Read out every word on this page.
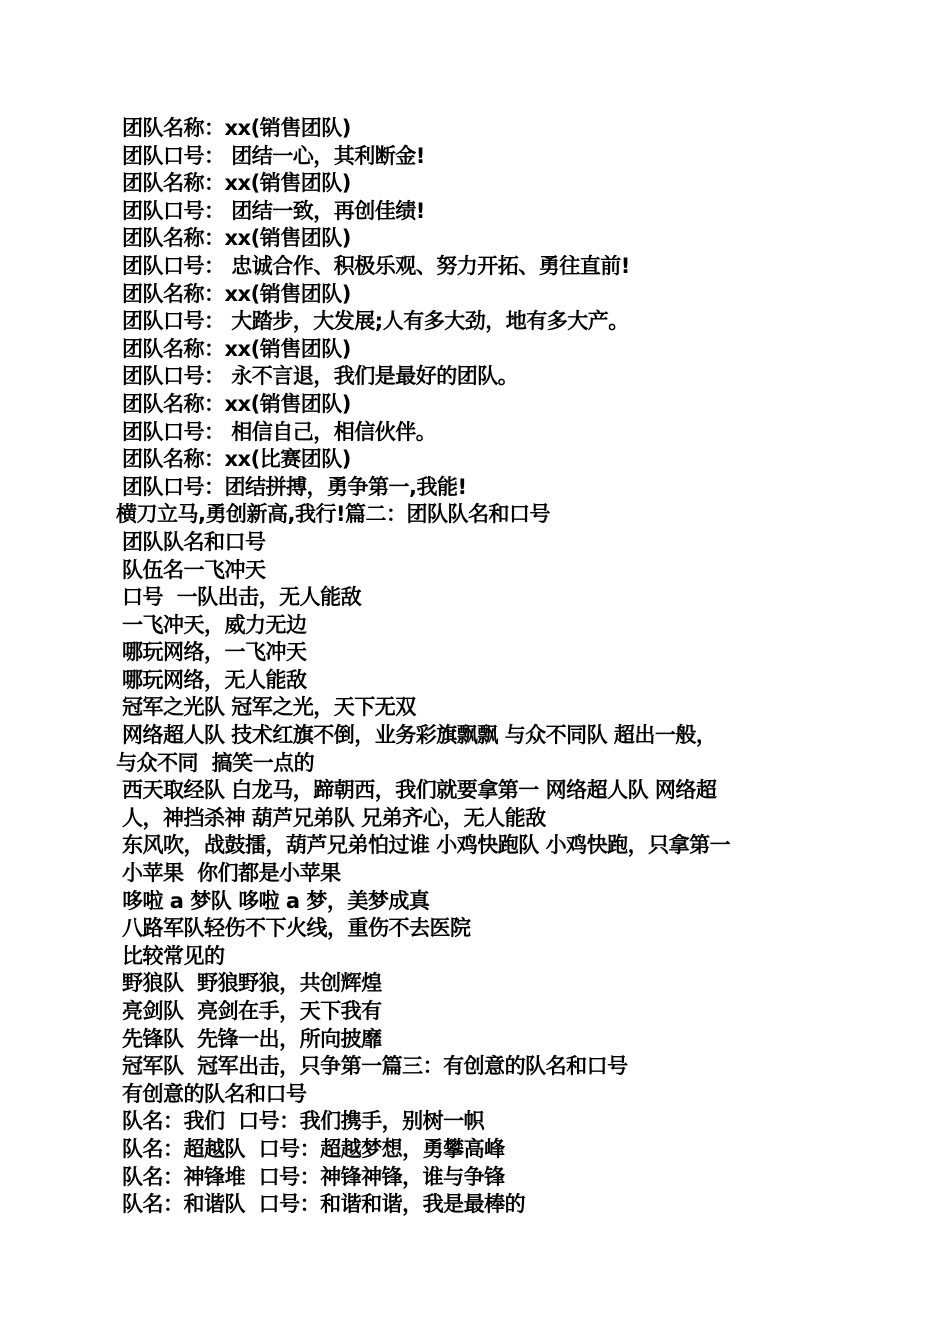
团队名称：xx(销售团队)
团队口号： 团结一心，其利断金!
团队名称：xx(销售团队)
团队口号： 团结一致，再创佳绩!
团队名称：xx(销售团队)
团队口号： 忠诚合作、积极乐观、努力开拓、勇往直前!
团队名称：xx(销售团队)
团队口号： 大踏步，大发展;人有多大劲，地有多大产。
团队名称：xx(销售团队)
团队口号： 永不言退，我们是最好的团队。
团队名称：xx(销售团队)
团队口号： 相信自己，相信伙伴。
团队名称：xx(比赛团队)
团队口号：团结拼搏，勇争第一,我能!
横刀立马,勇创新高,我行!篇二：团队队名和口号
团队队名和口号
队伍名一飞冲天
口号  一队出击，无人能敌
一飞冲天，威力无边
哪玩网络，一飞冲天
哪玩网络，无人能敌
冠军之光队 冠军之光，天下无双
网络超人队 技术红旗不倒，业务彩旗飘飘 与众不同队 超出一般，
与众不同  搞笑一点的
西天取经队 白龙马，蹄朝西，我们就要拿第一 网络超人队 网络超
人，神挡杀神 葫芦兄弟队 兄弟齐心，无人能敌
东风吹，战鼓擂，葫芦兄弟怕过谁 小鸡快跑队 小鸡快跑，只拿第一
小苹果  你们都是小苹果
哆啦 a 梦队 哆啦 a 梦，美梦成真
八路军队轻伤不下火线，重伤不去医院
比较常见的
野狼队  野狼野狼，共创辉煌
亮剑队  亮剑在手，天下我有
先锋队  先锋一出，所向披靡
冠军队  冠军出击，只争第一篇三：有创意的队名和口号
有创意的队名和口号
队名：我们  口号：我们携手，别树一帜
队名：超越队  口号：超越梦想，勇攀高峰
队名：神锋堆  口号：神锋神锋，谁与争锋
队名：和谐队  口号：和谐和谐，我是最棒的
